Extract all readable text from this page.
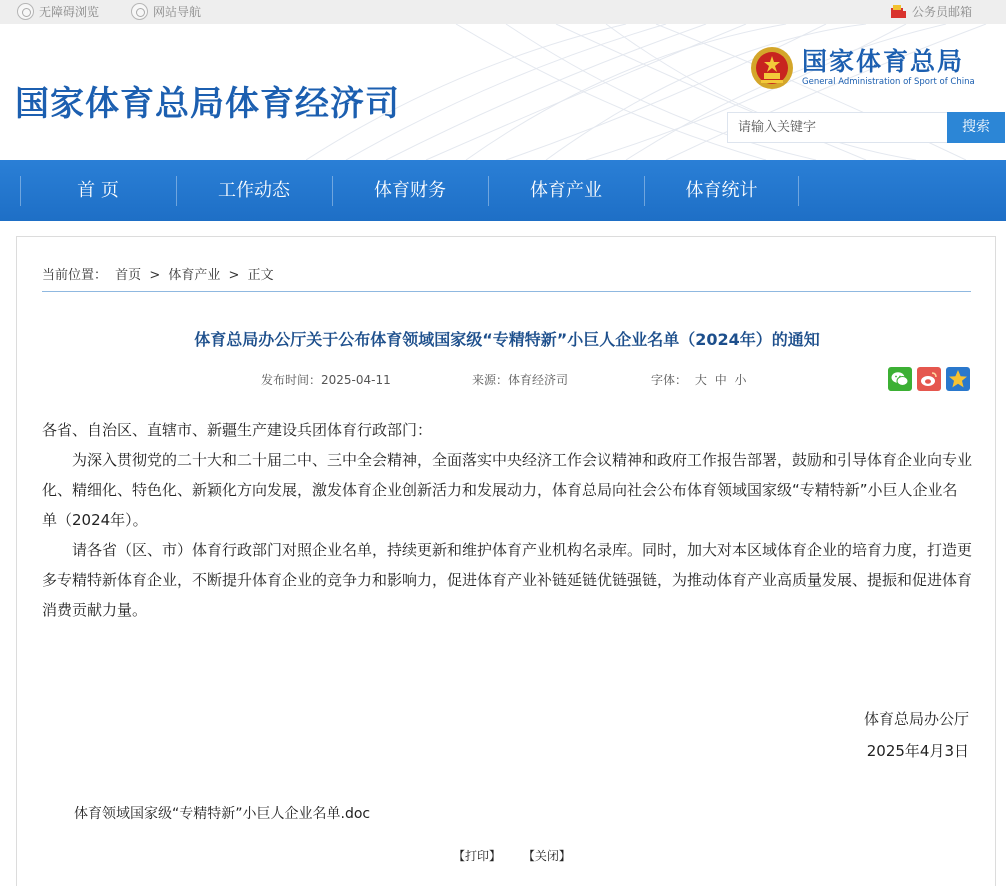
无障碍浏览	网站导航	公务员邮箱
国家体育总局体育经济司
国家体育总局
General Administration of Sport of China
请输入关键字	搜索
首 页	工作动态	体育财务	体育产业	体育统计
当前位置： 首页 > 体育产业 > 正文
体育总局办公厅关于公布体育领域国家级“专精特新”小巨人企业名单（2024年）的通知
发布时间：2025-04-11	来源：体育经济司	字体： 大 中 小

各省、自治区、直辖市、新疆生产建设兵团体育行政部门：

为深入贯彻党的二十大和二十届二中、三中全会精神，全面落实中央经济工作会议精神和政府工作报告部署，鼓励和引导体育企业向专业化、精细化、特色化、新颖化方向发展，激发体育企业创新活力和发展动力，体育总局向社会公布体育领域国家级“专精特新”小巨人企业名单（2024年）。

请各省（区、市）体育行政部门对照企业名单，持续更新和维护体育产业机构名录库。同时，加大对本区域体育企业的培育力度，打造更多专精特新体育企业，不断提升体育企业的竞争力和影响力，促进体育产业补链延链优链强链，为推动体育产业高质量发展、提振和促进体育消费贡献力量。

体育总局办公厅
2025年4月3日
体育领域国家级“专精特新”小巨人企业名单.doc
【打印】 【关闭】
